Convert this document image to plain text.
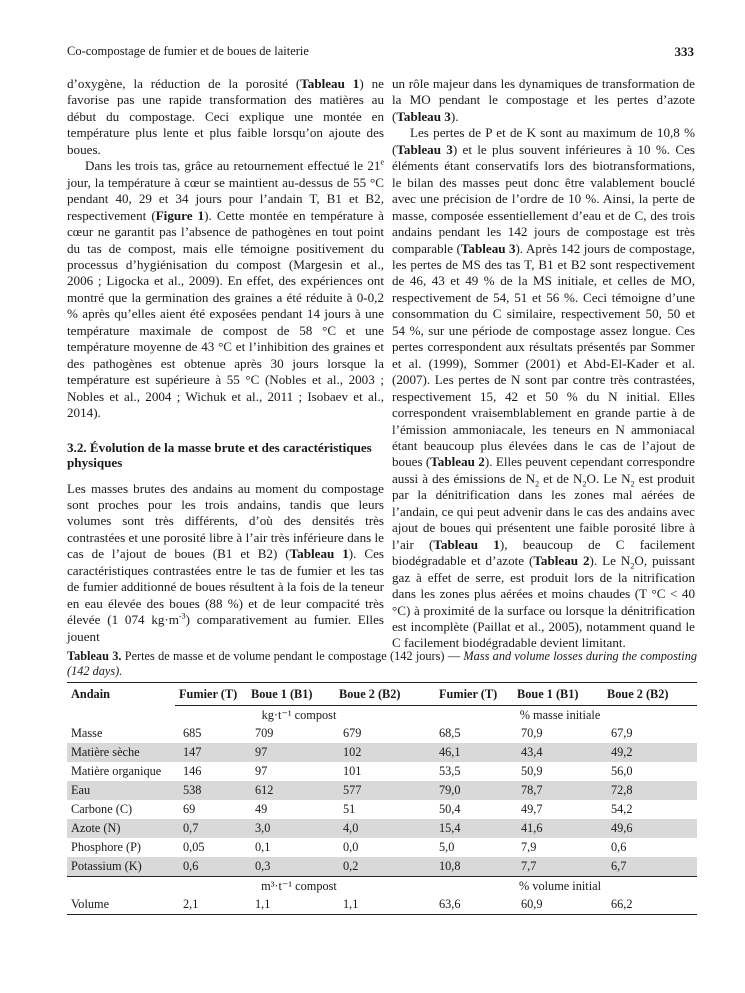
Co-compostage de fumier et de boues de laiterie	333

d’oxygène, la réduction de la porosité (Tableau 1) ne favorise pas une rapide transformation des matières au début du compostage. Ceci explique une montée en température plus lente et plus faible lorsqu’on ajoute des boues.

Dans les trois tas, grâce au retournement effectué le 21e jour, la température à cœur se maintient au-dessus de 55 °C pendant 40, 29 et 34 jours pour l’andain T, B1 et B2, respectivement (Figure 1). Cette montée en température à cœur ne garantit pas l’absence de pathogènes en tout point du tas de compost, mais elle témoigne positivement du processus d’hygiénisation du compost (Margesin et al., 2006 ; Ligocka et al., 2009). En effet, des expériences ont montré que la germination des graines a été réduite à 0-0,2 % après qu’elles aient été exposées pendant 14 jours à une température maximale de compost de 58 °C et une température moyenne de 43 °C et l’inhibition des graines et des pathogènes est obtenue après 30 jours lorsque la température est supérieure à 55 °C (Nobles et al., 2003 ; Nobles et al., 2004 ; Wichuk et al., 2011 ; Isobaev et al., 2014).

3.2. Évolution de la masse brute et des caractéristiques physiques

Les masses brutes des andains au moment du compostage sont proches pour les trois andains, tandis que leurs volumes sont très différents, d’où des densités très contrastées et une porosité libre à l’air très inférieure dans le cas de l’ajout de boues (B1 et B2) (Tableau 1). Ces caractéristiques contrastées entre le tas de fumier et les tas de fumier additionné de boues résultent à la fois de la teneur en eau élevée des boues (88 %) et de leur compacité très élevée (1 074 $kg\cdot m^{-3}$) comparativement au fumier. Elles jouent

un rôle majeur dans les dynamiques de transformation de la MO pendant le compostage et les pertes d’azote (Tableau 3).

Les pertes de P et de K sont au maximum de 10,8 % (Tableau 3) et le plus souvent inférieures à 10 %. Ces éléments étant conservatifs lors des biotransformations, le bilan des masses peut donc être valablement bouclé avec une précision de l’ordre de 10 %. Ainsi, la perte de masse, composée essentiellement d’eau et de C, des trois andains pendant les 142 jours de compostage est très comparable (Tableau 3). Après 142 jours de compostage, les pertes de MS des tas T, B1 et B2 sont respectivement de 46, 43 et 49 % de la MS initiale, et celles de MO, respectivement de 54, 51 et 56 %. Ceci témoigne d’une consommation du C similaire, respectivement 50, 50 et 54 %, sur une période de compostage assez longue. Ces pertes correspondent aux résultats présentés par Sommer et al. (1999), Sommer (2001) et Abd-El-Kader et al. (2007). Les pertes de N sont par contre très contrastées, respectivement 15, 42 et 50 % du N initial. Elles correspondent vraisemblablement en grande partie à de l’émission ammoniacale, les teneurs en N ammoniacal étant beaucoup plus élevées dans le cas de l’ajout de boues (Tableau 2). Elles peuvent cependant correspondre aussi à des émissions de $N_2$ et de $N_2O$. Le $N_2$ est produit par la dénitrification dans les zones mal aérées de l’andain, ce qui peut advenir dans le cas des andains avec ajout de boues qui présentent une faible porosité libre à l’air (Tableau 1), beaucoup de C facilement biodégradable et d’azote (Tableau 2). Le $N_2O$, puissant gaz à effet de serre, est produit lors de la nitrification dans les zones plus aérées et moins chaudes (T °C < 40 °C) à proximité de la surface ou lorsque la dénitrification est incomplète (Paillat et al., 2005), notamment quand le C facilement biodégradable devient limitant.

Tableau 3. Pertes de masse et de volume pendant le compostage (142 jours) — Mass and volume losses during the composting (142 days).
Andain	Fumier (T)	Boue 1 (B1)	Boue 2 (B2)	Fumier (T)	Boue 1 (B1)	Boue 2 (B2)
	kg·t⁻¹ compost			% masse initiale		
Masse	685	709	679	68,5	70,9	67,9
Matière sèche	147	97	102	46,1	43,4	49,2
Matière organique	146	97	101	53,5	50,9	56,0
Eau	538	612	577	79,0	78,7	72,8
Carbone (C)	69	49	51	50,4	49,7	54,2
Azote (N)	0,7	3,0	4,0	15,4	41,6	49,6
Phosphore (P)	0,05	0,1	0,0	5,0	7,9	0,6
Potassium (K)	0,6	0,3	0,2	10,8	7,7	6,7
	m³·t⁻¹ compost			% volume initial		
Volume	2,1	1,1	1,1	63,6	60,9	66,2
